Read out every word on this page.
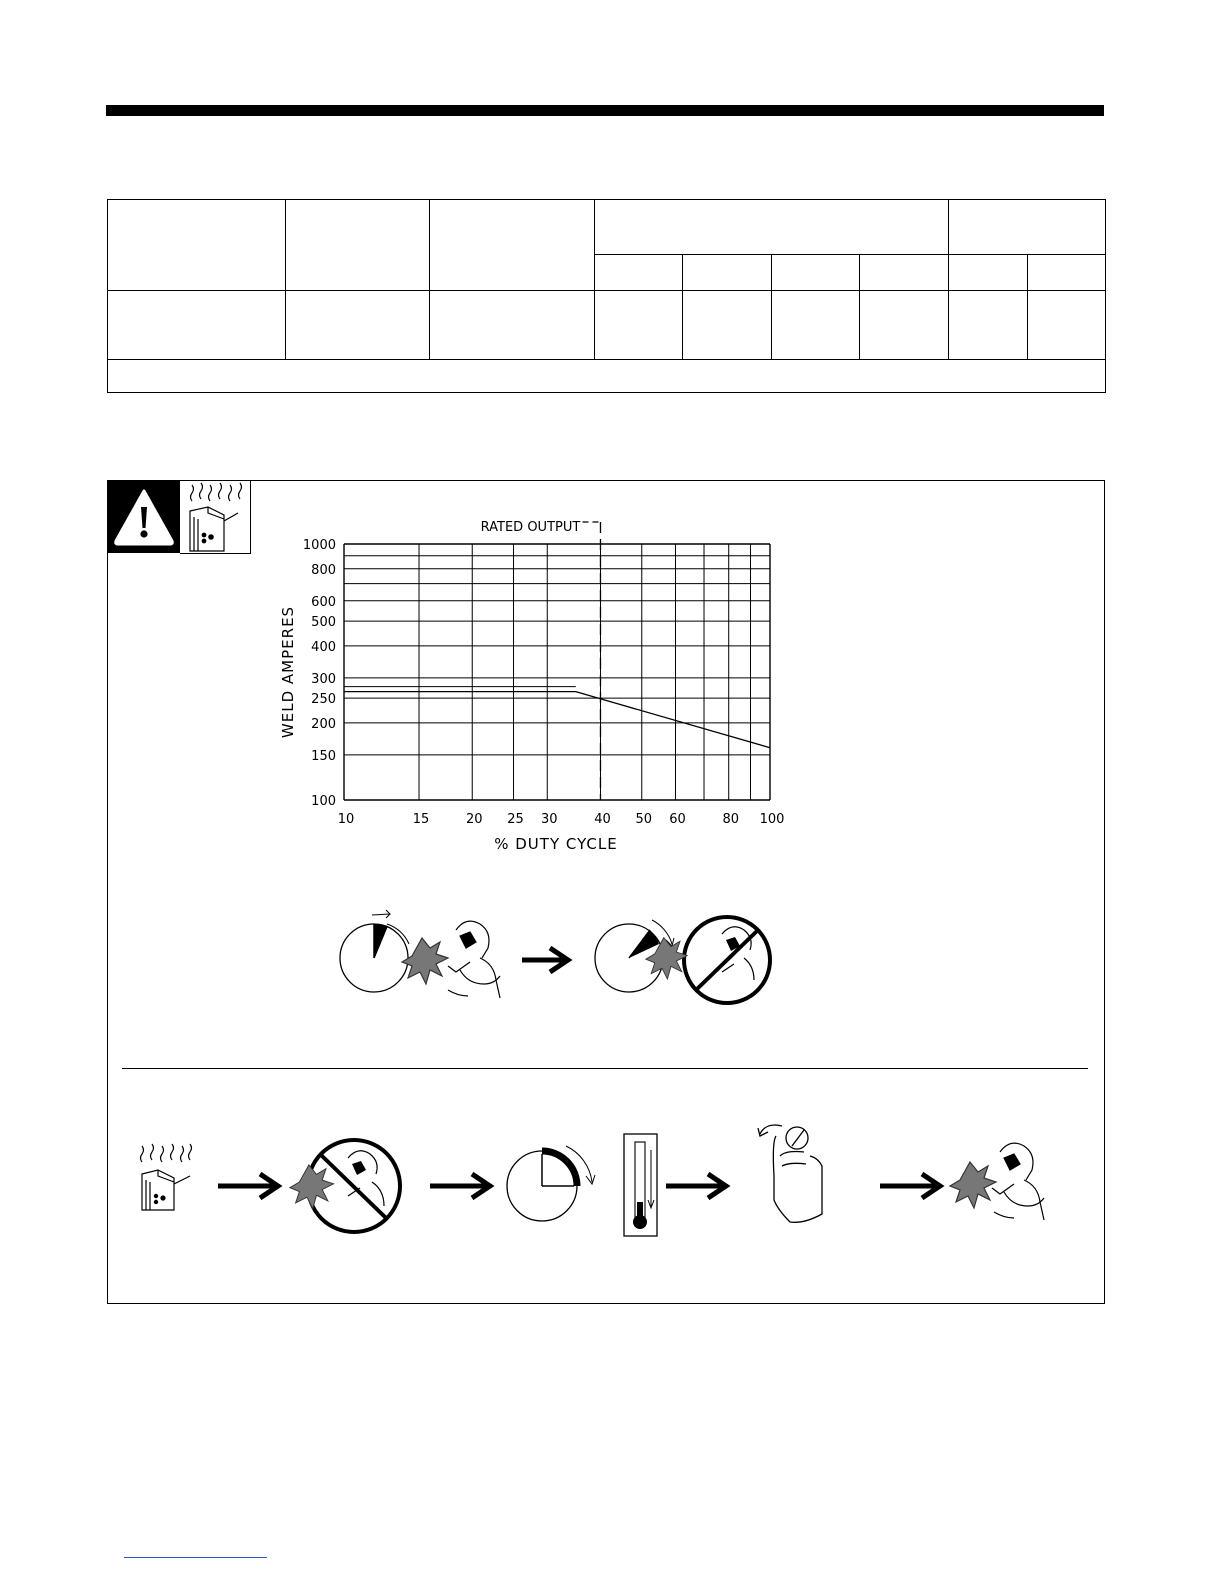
100
150
200
250
300
400
500
600
800
1000
10	15	20 25 30	40 50 60	80 100
RATED OUTPUT
WELD AMPERES
% DUTY CYCLE
